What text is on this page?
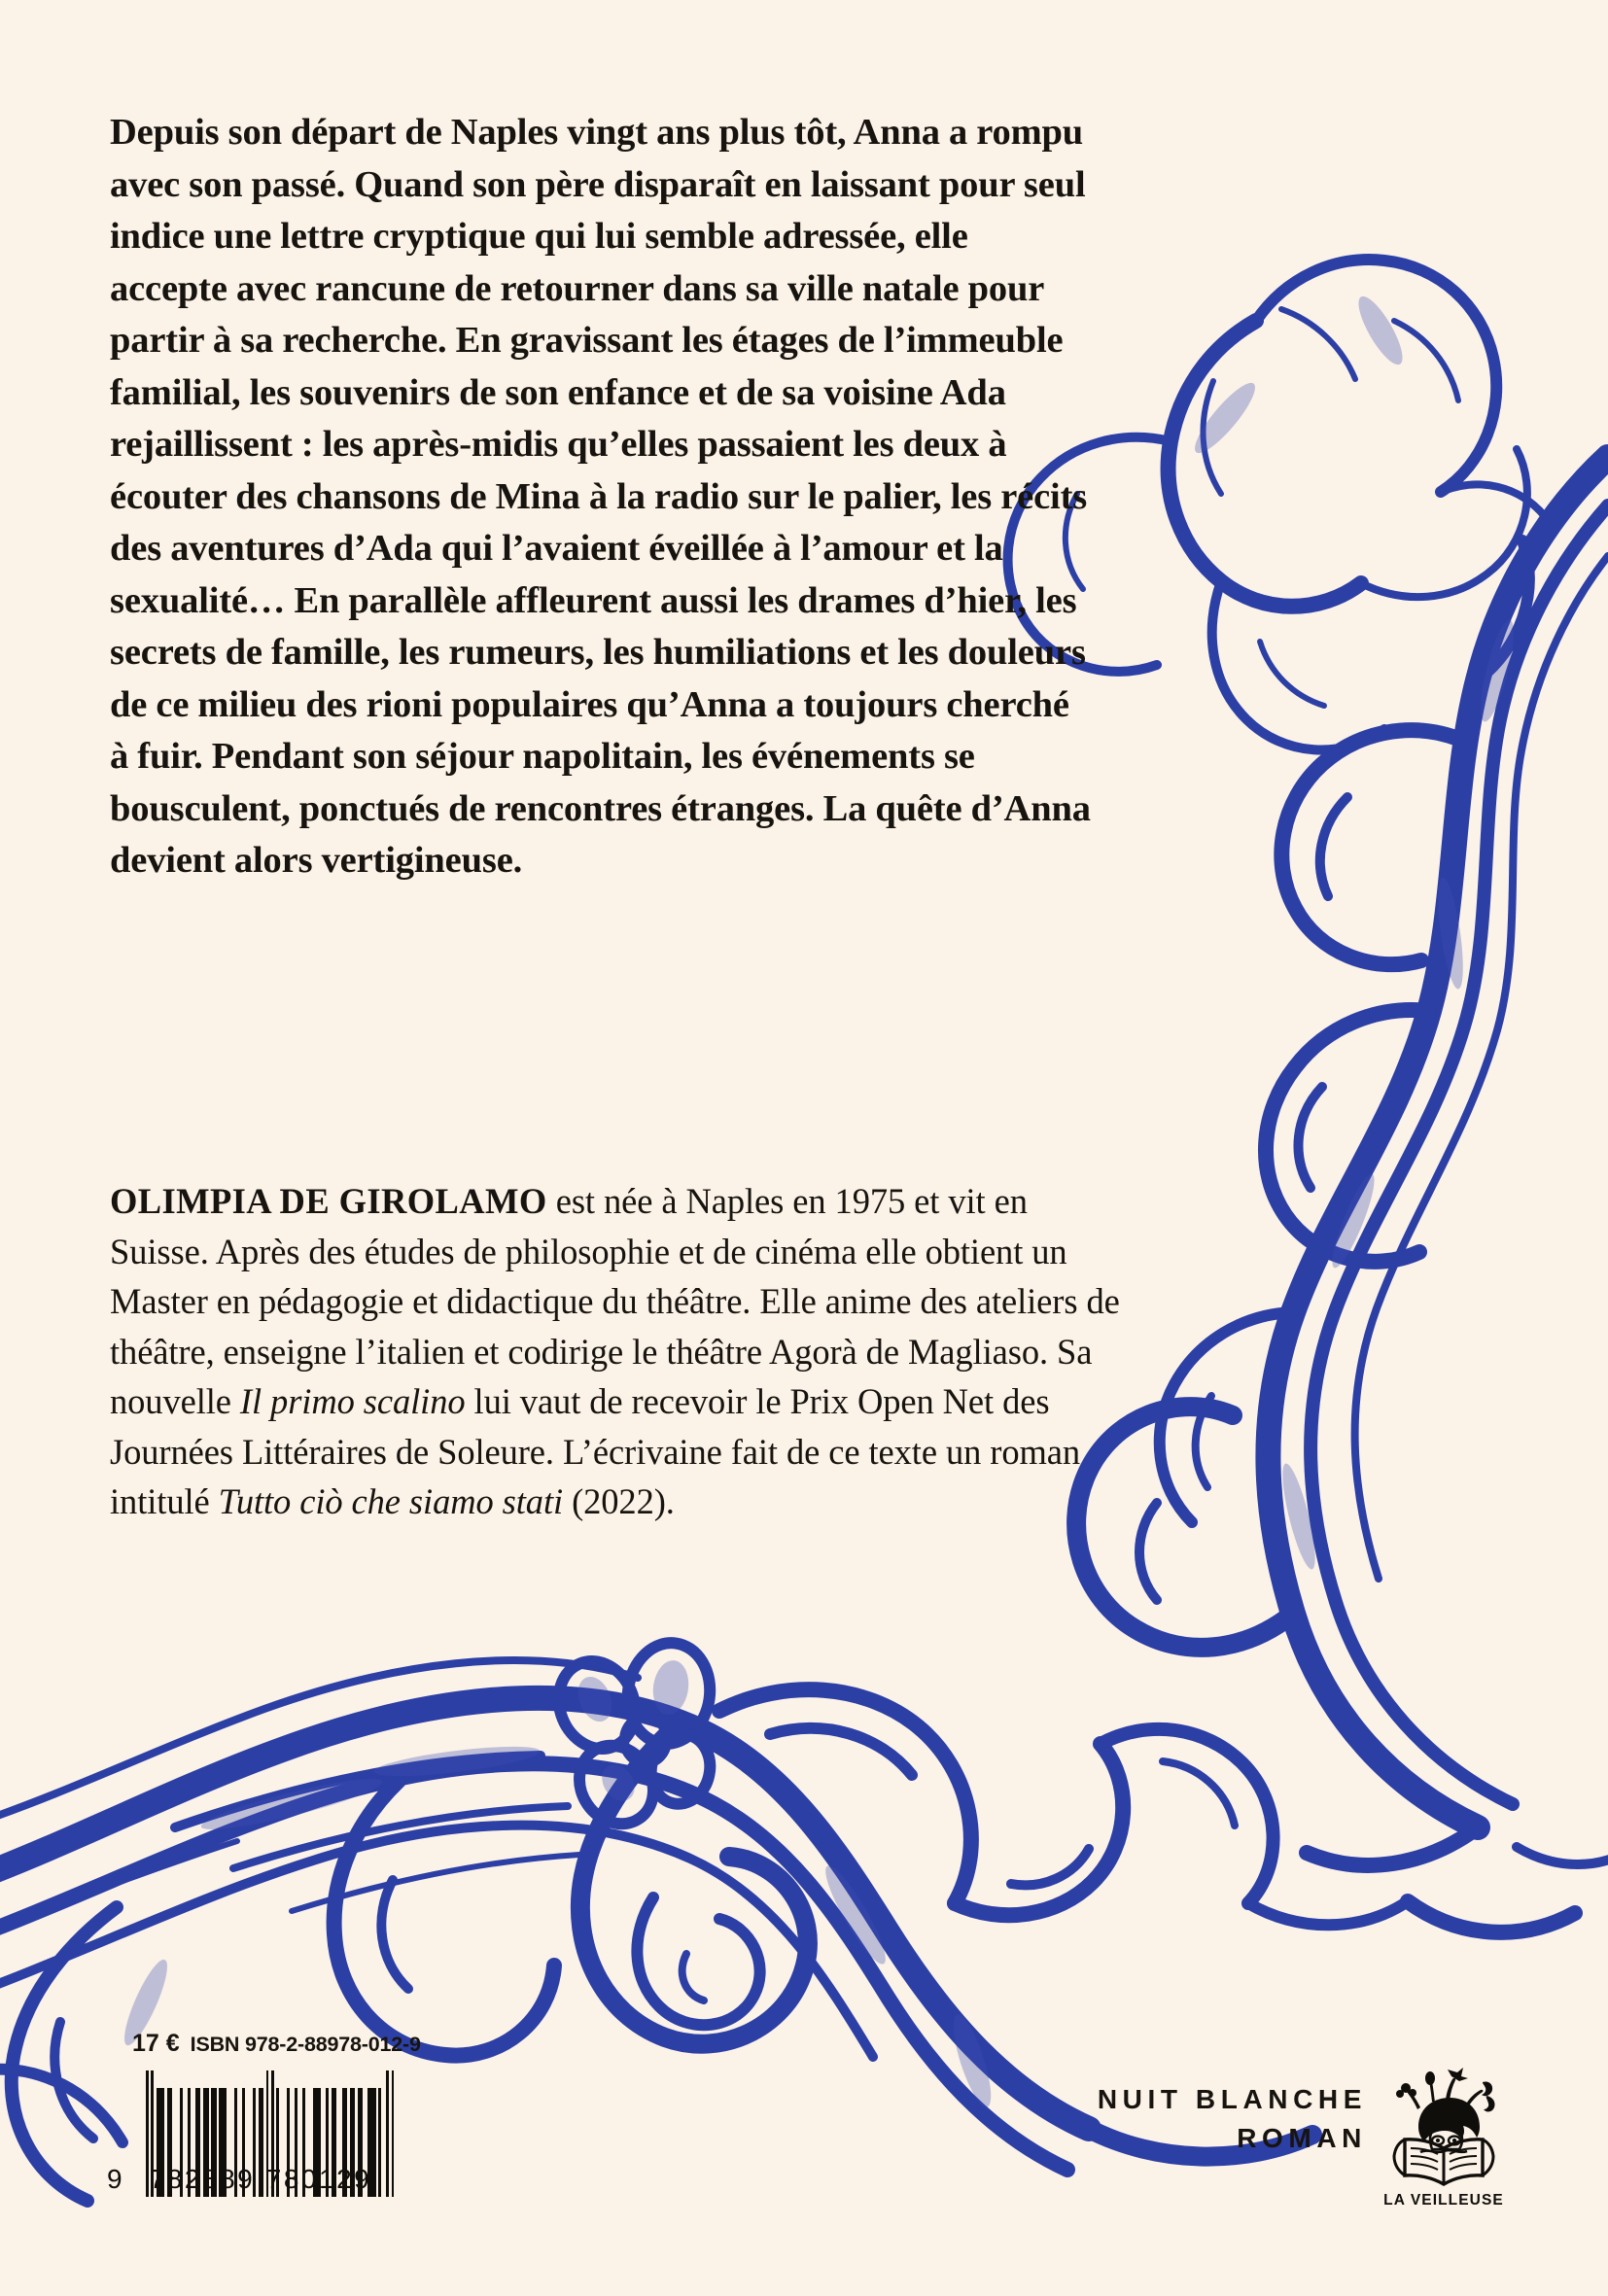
Depuis son départ de Naples vingt ans plus tôt, Anna a rompu avec son passé. Quand son père disparaît en laissant pour seul indice une lettre cryptique qui lui semble adressée, elle accepte avec rancune de retourner dans sa ville natale pour partir à sa recherche. En gravissant les étages de l’immeuble familial, les souvenirs de son enfance et de sa voisine Ada rejaillissent : les après-midis qu’elles passaient les deux à écouter des chansons de Mina à la radio sur le palier, les récits des aventures d’Ada qui l’avaient éveillée à l’amour et la sexualité… En parallèle affleurent aussi les drames d’hier, les secrets de famille, les rumeurs, les humiliations et les douleurs de ce milieu des rioni populaires qu’Anna a toujours cherché à fuir. Pendant son séjour napolitain, les événements se bousculent, ponctués de rencontres étranges. La quête d’Anna devient alors vertigineuse.
OLIMPIA DE GIROLAMO est née à Naples en 1975 et vit en Suisse. Après des études de philosophie et de cinéma elle obtient un Master en pédagogie et didactique du théâtre. Elle anime des ateliers de théâtre, enseigne l’italien et codirige le théâtre Agorà de Magliaso. Sa nouvelle Il primo scalino lui vaut de recevoir le Prix Open Net des Journées Littéraires de Soleure. L’écrivaine fait de ce texte un roman intitulé Tutto ciò che siamo stati (2022).
17 € ISBN 978-2-88978-012-9
9 782889 780129
NUIT BLANCHE
ROMAN
LA VEILLEUSE
